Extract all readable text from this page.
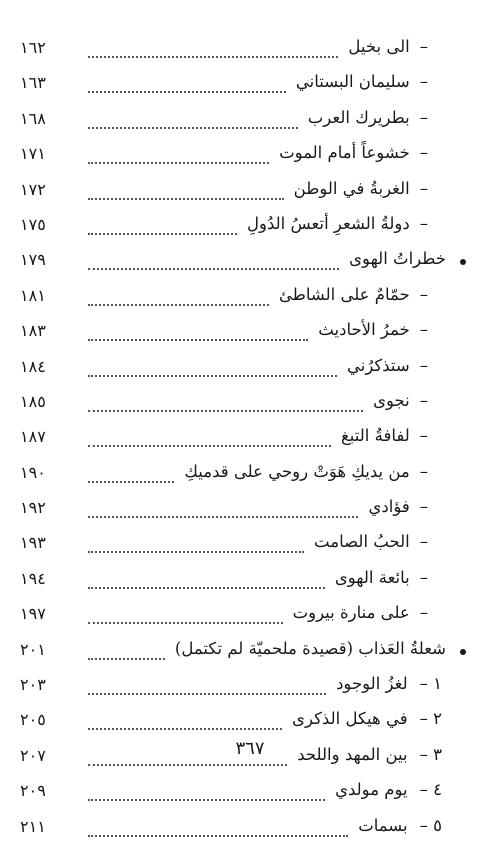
١٦٢	–الى بخيل
١٦٣	–سليمان البستاني
١٦٨	–بطريرك العرب
١٧١	–خشوعاً أمام الموت
١٧٢	–الغربةُ في الوطن
١٧٥	–دولةُ الشعرِ أتعسُ الدُولِ
١٧٩	خطراتُ الهوى
١٨١	–حمّامٌ على الشاطئ
١٨٣	–خمرُ الأحاديث
١٨٤	–ستذكرُني
١٨٥	–نجوى
١٨٧	–لفافةُ التبغ
١٩٠	–من يديكِ هَوَتْ روحي على قدميكِ
١٩٢	–فؤادي
١٩٣	–الحبُ الصامت
١٩٤	–بائعة الهوى
١٩٧	–على منارة بيروت
٢٠١	شعلةُ العَذاب (قصيدة ملحميّة لم تكتمل)
٢٠٣	١ –لغزُ الوجود
٢٠٥	٢ –في هيكل الذكرى
٢٠٧	٣ –بين المهد واللحد
٢٠٩	٤ –يوم مولدي
٢١١	٥ –بسمات
٣٦٧
